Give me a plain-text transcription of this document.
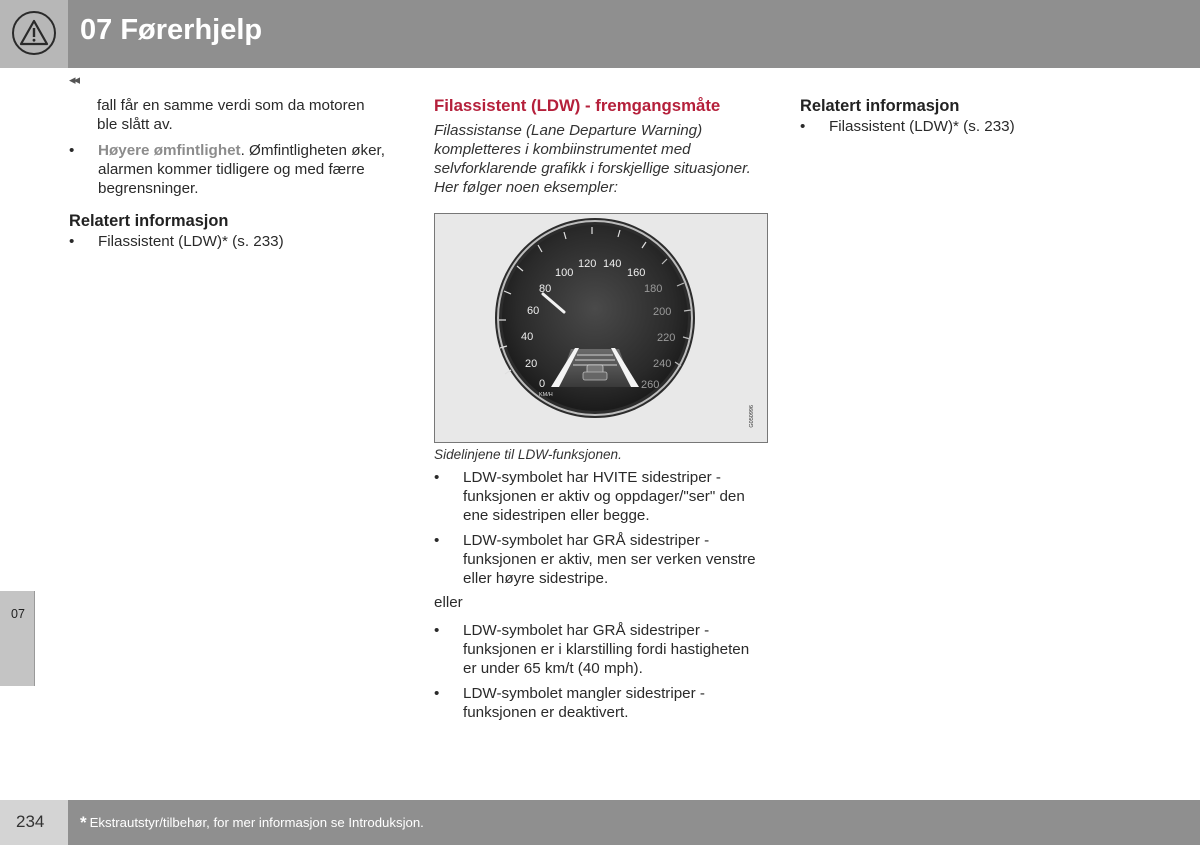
07 Førerhjelp
◂◂

fall får en samme verdi som da motoren ble slått av.

• Høyere ømfintlighet. Ømfintligheten øker, alarmen kommer tidligere og med færre begrensninger.
Relatert informasjon
• Filassistent (LDW)* (s. 233)
Filassistent (LDW) - fremgangsmåte

Filassistanse (Lane Departure Warning) kompletteres i kombiinstrumentet med selvforklarende grafikk i forskjellige situasjoner. Her følger noen eksempler:

0
20
40
60
80
100
120 140
160
180
200
220
240
260
KM/H
G050996
Sidelinjene til LDW-funksjonen.
• LDW-symbolet har HVITE sidestriper - funksjonen er aktiv og oppdager/"ser" den ene sidestripen eller begge.
• LDW-symbolet har GRÅ sidestriper - funksjonen er aktiv, men ser verken venstre eller høyre sidestripe.

eller

• LDW-symbolet har GRÅ sidestriper - funksjonen er i klarstilling fordi hastigheten er under 65 km/t (40 mph).
• LDW-symbolet mangler sidestriper - funksjonen er deaktivert.
Relatert informasjon
• Filassistent (LDW)* (s. 233)
07
234 * Ekstrautstyr/tilbehør, for mer informasjon se Introduksjon.
